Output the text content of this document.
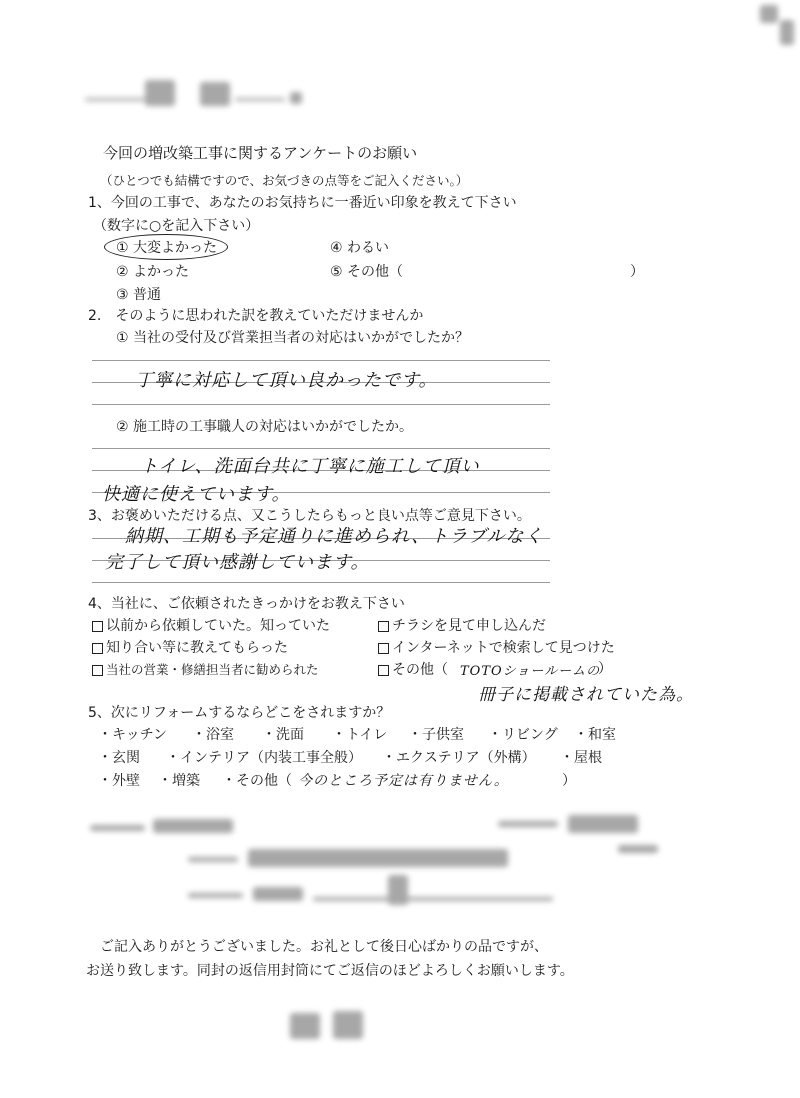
今回の増改築工事に関するアンケートのお願い
（ひとつでも結構ですので、お気づきの点等をご記入ください。）
1、今回の工事で、あなたのお気持ちに一番近い印象を教えて下さい
（数字に○を記入下さい）
① 大変よかった
② よかった
③ 普通
④ わるい
⑤ その他（	）
2.　そのように思われた訳を教えていただけませんか
① 当社の受付及び営業担当者の対応はいかがでしたか？
丁寧に対応して頂い良かったです。
② 施工時の工事職人の対応はいかがでしたか。
トイレ、洗面台共に丁寧に施工して頂い
快適に使えています。
3、お褒めいただける点、又こうしたらもっと良い点等ご意見下さい。
納期、工期も予定通りに進められ、トラブルなく
完了して頂い感謝しています。
4、当社に、ご依頼されたきっかけをお教え下さい
以前から依頼していた。知っていた
知り合い等に教えてもらった
当社の営業・修繕担当者に勧められた
チラシを見て申し込んだ
インターネットで検索して見つけた
その他（ TOTOショールームの
）
冊子に掲載されていた為。
5、次にリフォームするならどこをされますか？
・キッチン ・浴室 ・洗面 ・トイレ ・子供室 ・リビング ・和室
・玄関 ・インテリア（内装工事全般） ・エクステリア（外構） ・屋根
・外壁 ・増築 ・その他（ 今のところ予定は有りません。	）
ご記入ありがとうございました。お礼として後日心ばかりの品ですが、
お送り致します。同封の返信用封筒にてご返信のほどよろしくお願いします。
